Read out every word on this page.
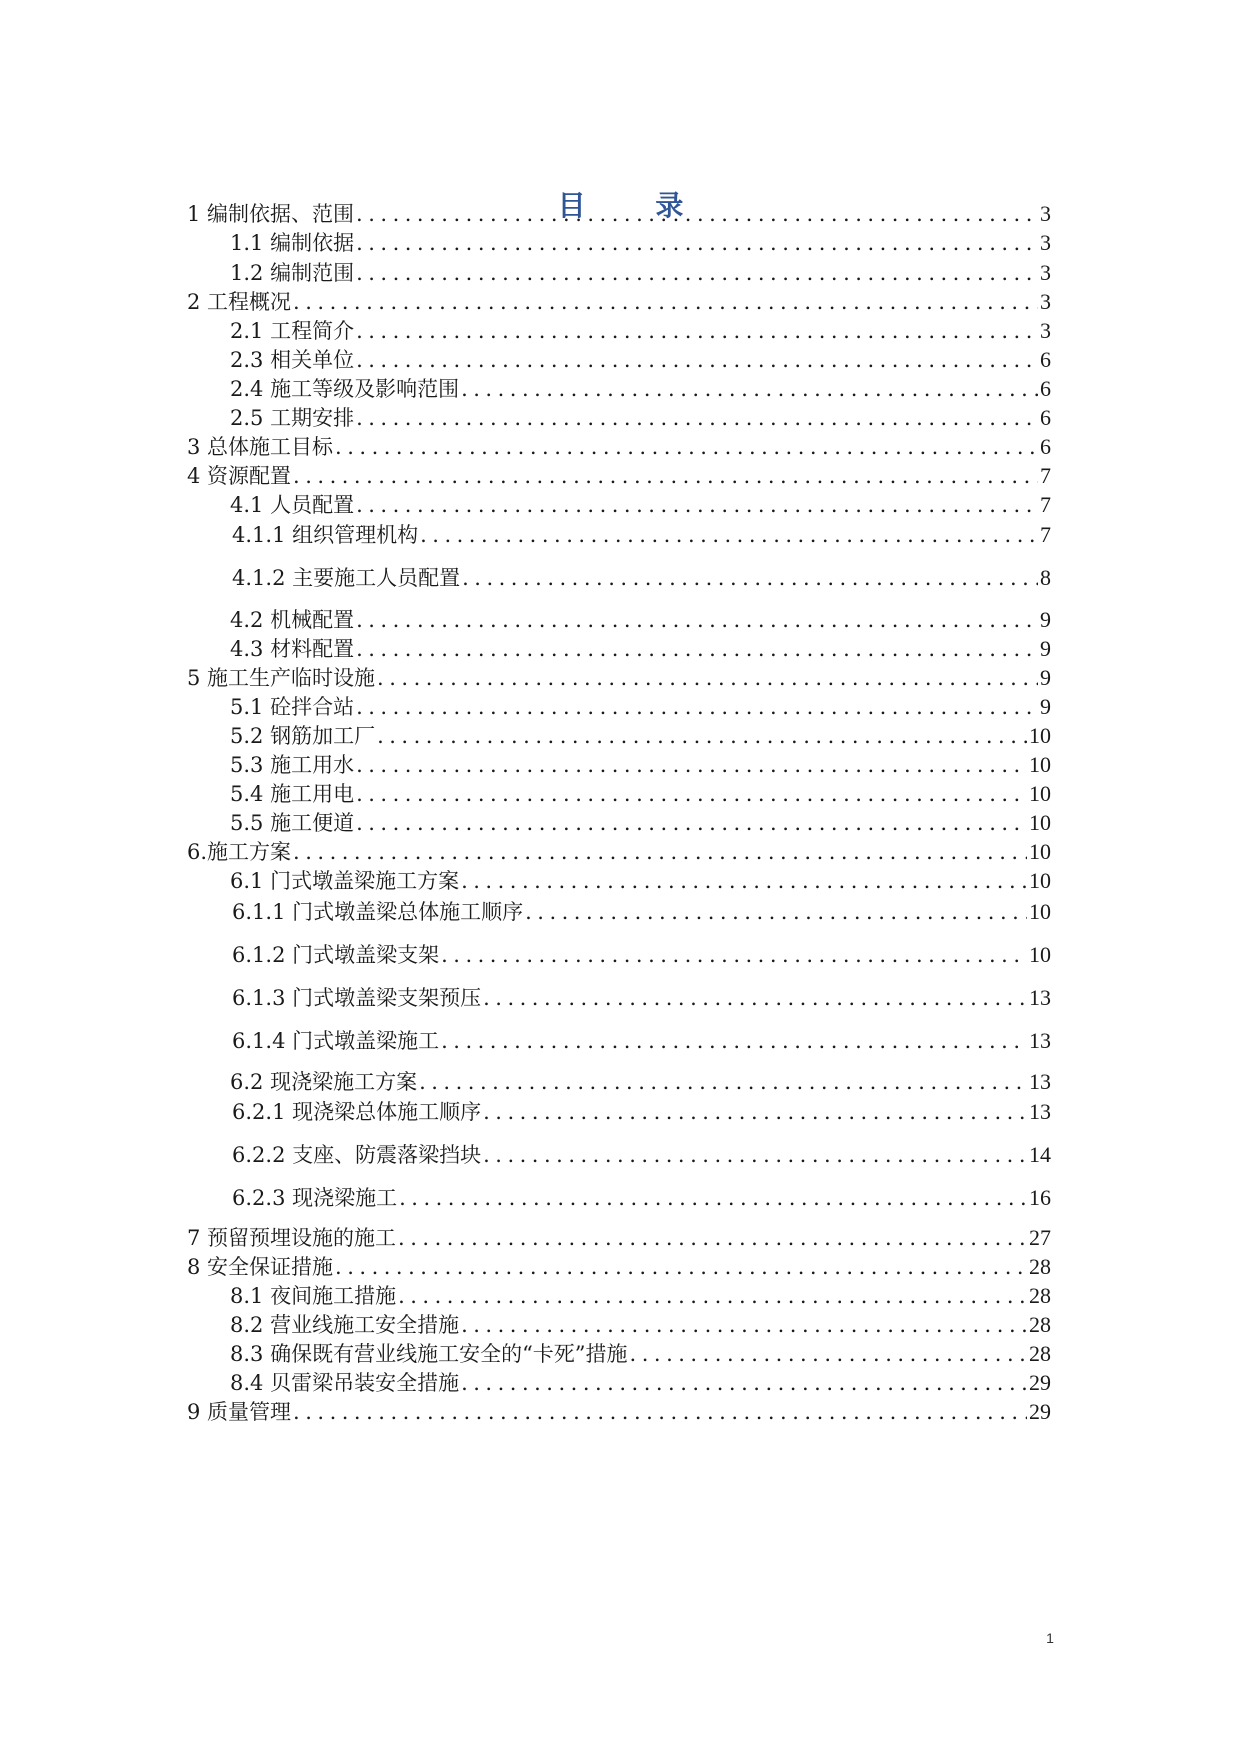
目 录
1 编制依据、范围 .....	3
1.1 编制依据 .....	3
1.2 编制范围 .....	3
2 工程概况 .....	3
2.1 工程简介 .....	3
2.3 相关单位 .....	6
2.4 施工等级及影响范围 .....	6
2.5 工期安排 .....	6
3 总体施工目标 .....	6
4 资源配置 .....	7
4.1 人员配置 .....	7
4.1.1 组织管理机构 .....	7
4.1.2 主要施工人员配置 .....	8
4.2 机械配置 .....	9
4.3 材料配置 .....	9
5 施工生产临时设施 .....	9
5.1 砼拌合站 .....	9
5.2 钢筋加工厂 .....	10
5.3 施工用水 .....	10
5.4 施工用电 .....	10
5.5 施工便道 .....	10
6.施工方案 .....	10
6.1 门式墩盖梁施工方案 .....	10
6.1.1 门式墩盖梁总体施工顺序 .....	10
6.1.2 门式墩盖梁支架 .....	10
6.1.3 门式墩盖梁支架预压 .....	13
6.1.4 门式墩盖梁施工 .....	13
6.2 现浇梁施工方案 .....	13
6.2.1 现浇梁总体施工顺序 .....	13
6.2.2 支座、防震落梁挡块 .....	14
6.2.3 现浇梁施工 .....	16
7 预留预埋设施的施工 .....	27
8 安全保证措施 .....	28
8.1 夜间施工措施 .....	28
8.2 营业线施工安全措施 .....	28
8.3 确保既有营业线施工安全的“卡死”措施 .....	28
8.4 贝雷梁吊装安全措施 .....	29
9 质量管理 .....	29
1
